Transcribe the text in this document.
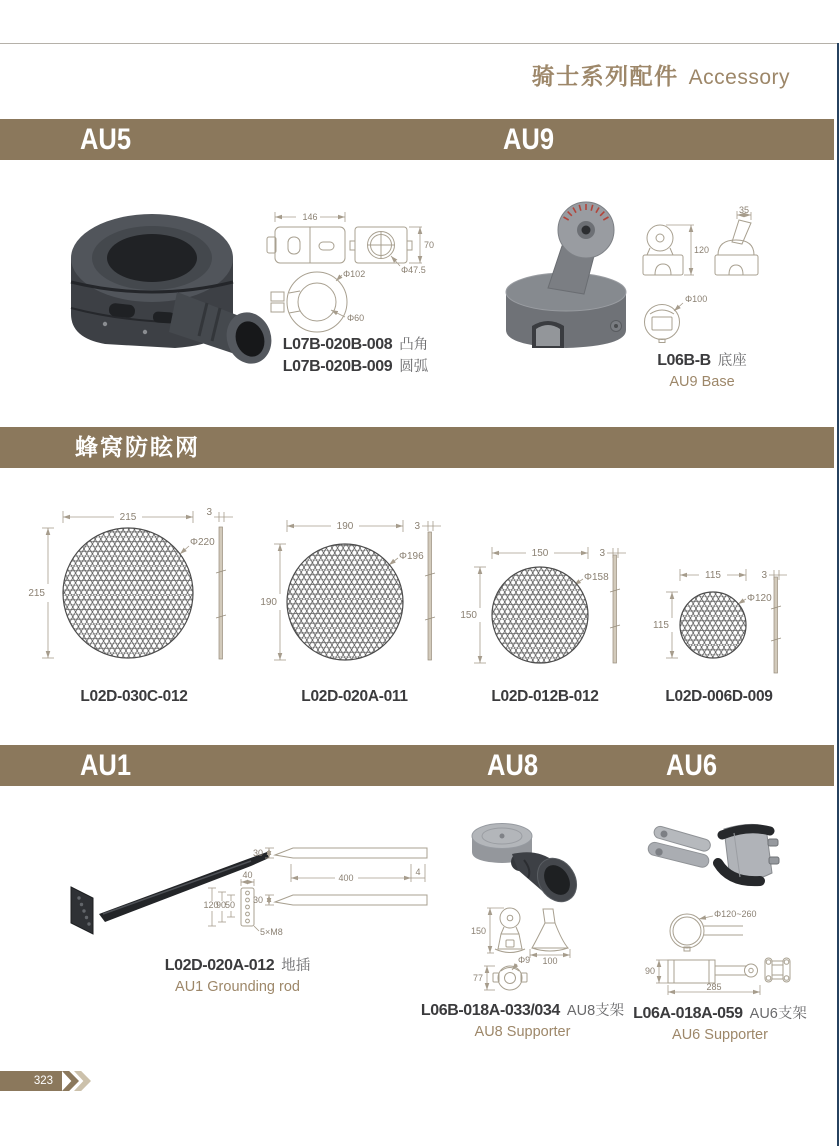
骑士系列配件 Accessory
AU5	AU9
146
70
Φ47.5
Φ102
Φ60
L07B-020B-008 凸角
L07B-020B-009 圆弧
120
35
Φ100
L06B-B 底座
AU9 Base
蜂窝防眩网
215
215
Φ220
3
L02D-030C-012
190
190
Φ196
3
L02D-020A-011
150
150
Φ158
3
L02D-012B-012
115
115
Φ120
3
L02D-006D-009
AU1	AU8	AU6
30
400
4
30
40
120
90
50
5×M8
L02D-020A-012 地插
AU1 Grounding rod
150
100
77
Φ9
L06B-018A-033/034 AU8支架
AU8 Supporter
Φ120~260
90
285
L06A-018A-059 AU6支架
AU6 Supporter
323
